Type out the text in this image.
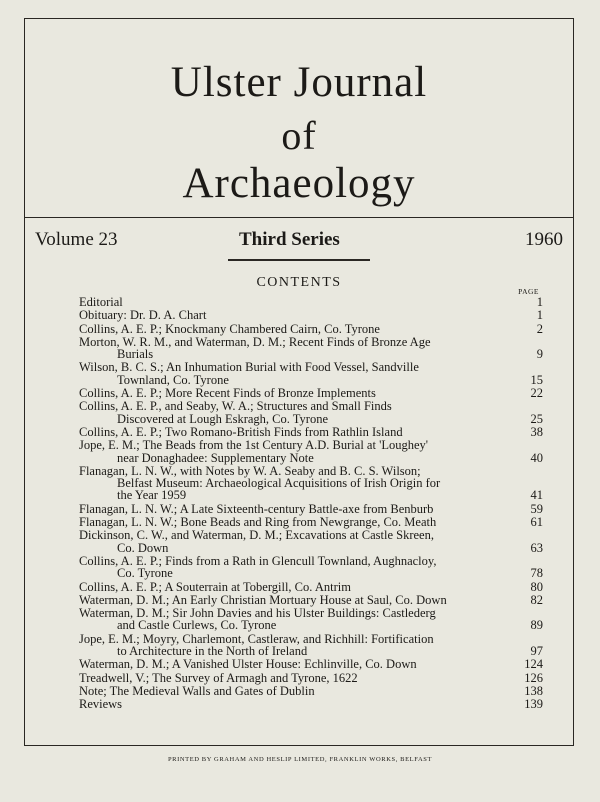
Ulster Journal
of
Archaeology
Volume 23	Third Series	1960
CONTENTS
PAGE
Editorial	1
Obituary: Dr. D. A. Chart	1
Collins, A. E. P.; Knockmany Chambered Cairn, Co. Tyrone	2
Morton, W. R. M., and Waterman, D. M.; Recent Finds of Bronze Age
Burials	9
Wilson, B. C. S.; An Inhumation Burial with Food Vessel, Sandville
Townland, Co. Tyrone	15
Collins, A. E. P.; More Recent Finds of Bronze Implements	22
Collins, A. E. P., and Seaby, W. A.; Structures and Small Finds
Discovered at Lough Eskragh, Co. Tyrone	25
Collins, A. E. P.; Two Romano-British Finds from Rathlin Island	38
Jope, E. M.; The Beads from the 1st Century A.D. Burial at 'Loughey'
near Donaghadee: Supplementary Note	40
Flanagan, L. N. W., with Notes by W. A. Seaby and B. C. S. Wilson;
Belfast Museum: Archaeological Acquisitions of Irish Origin for
the Year 1959	41
Flanagan, L. N. W.; A Late Sixteenth-century Battle-axe from Benburb	59
Flanagan, L. N. W.; Bone Beads and Ring from Newgrange, Co. Meath	61
Dickinson, C. W., and Waterman, D. M.; Excavations at Castle Skreen,
Co. Down	63
Collins, A. E. P.; Finds from a Rath in Glencull Townland, Aughnacloy,
Co. Tyrone	78
Collins, A. E. P.; A Souterrain at Tobergill, Co. Antrim	80
Waterman, D. M.; An Early Christian Mortuary House at Saul, Co. Down	82
Waterman, D. M.; Sir John Davies and his Ulster Buildings: Castlederg
and Castle Curlews, Co. Tyrone	89
Jope, E. M.; Moyry, Charlemont, Castleraw, and Richhill: Fortification
to Architecture in the North of Ireland	97
Waterman, D. M.; A Vanished Ulster House: Echlinville, Co. Down	124
Treadwell, V.; The Survey of Armagh and Tyrone, 1622	126
Note; The Medieval Walls and Gates of Dublin	138
Reviews	139
PRINTED BY GRAHAM AND HESLIP LIMITED, FRANKLIN WORKS, BELFAST
